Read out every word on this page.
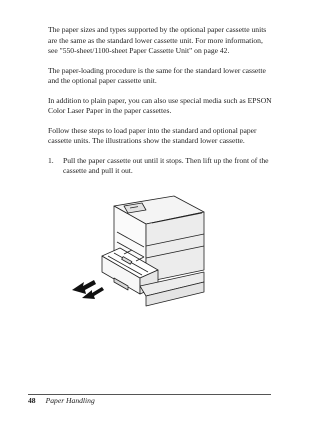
The paper sizes and types supported by the optional paper cassette units are the same as the standard lower cassette unit. For more information, see "550-sheet/1100-sheet Paper Cassette Unit" on page 42.

The paper-loading procedure is the same for the standard lower cassette and the optional paper cassette unit.

In addition to plain paper, you can also use special media such as EPSON Color Laser Paper in the paper cassettes.

Follow these steps to load paper into the standard and optional paper cassette units. The illustrations show the standard lower cassette.

1. Pull the paper cassette out until it stops. Then lift up the front of the cassette and pull it out.
48 Paper Handling
